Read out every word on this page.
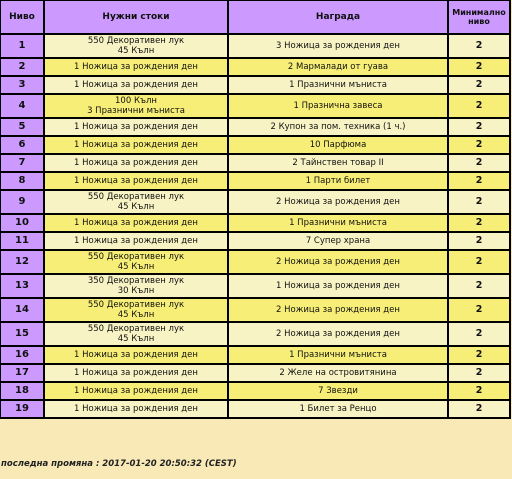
Ниво	Нужни стоки	Награда	Минимално
ниво

1	550 Декоративен лук
45 Кълн	3 Ножица за рождения ден	2
2	1 Ножица за рождения ден	2 Мармалади от гуава	2
3	1 Ножица за рождения ден	1 Празнични мъниста	2
4	100 Кълн
3 Празнични мъниста	1 Празнична завеса	2
5	1 Ножица за рождения ден	2 Купон за пом. техника (1 ч.)	2
6	1 Ножица за рождения ден	10 Парфюма	2
7	1 Ножица за рождения ден	2 Тайнствен товар II	2
8	1 Ножица за рождения ден	1 Парти билет	2
9	550 Декоративен лук
45 Кълн	2 Ножица за рождения ден	2
10	1 Ножица за рождения ден	1 Празнични мъниста	2
11	1 Ножица за рождения ден	7 Супер храна	2
12	550 Декоративен лук
45 Кълн	2 Ножица за рождения ден	2
13	350 Декоративен лук
30 Кълн	1 Ножица за рождения ден	2
14	550 Декоративен лук
45 Кълн	2 Ножица за рождения ден	2
15	550 Декоративен лук
45 Кълн	2 Ножица за рождения ден	2
16	1 Ножица за рождения ден	1 Празнични мъниста	2
17	1 Ножица за рождения ден	2 Желе на островитянина	2
18	1 Ножица за рождения ден	7 Звезди	2
19	1 Ножица за рождения ден	1 Билет за Ренцо	2
последна промяна : 2017-01-20 20:50:32 (CEST)
